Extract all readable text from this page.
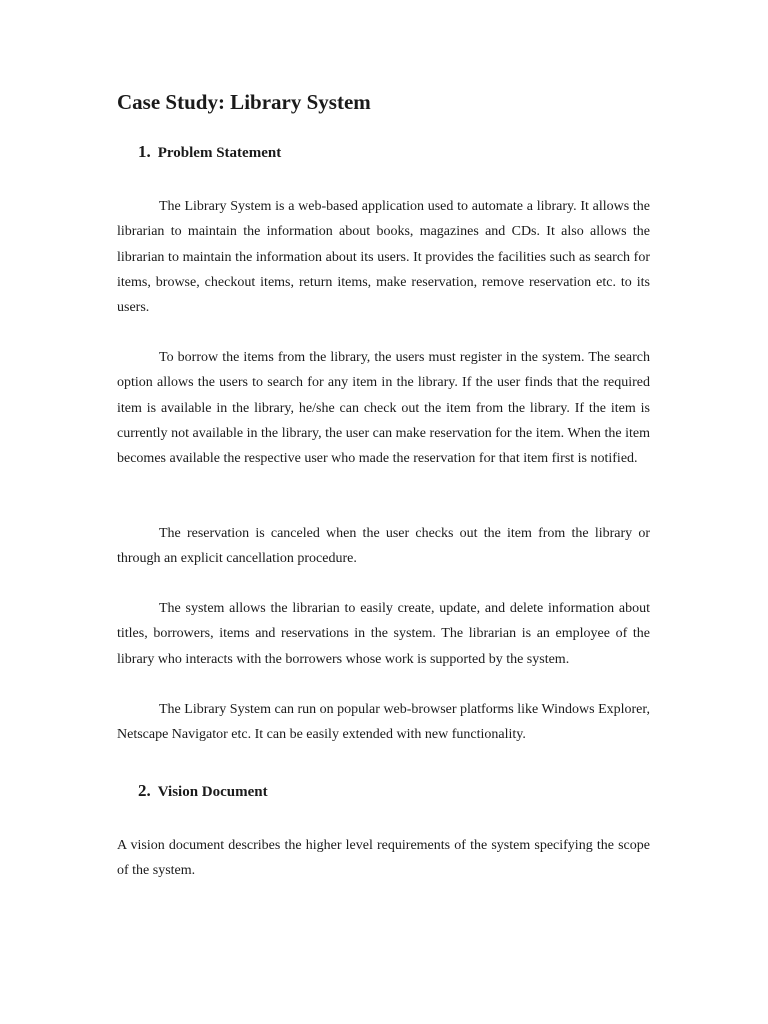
Case Study: Library System
1. Problem Statement

The Library System is a web-based application used to automate a library. It allows the librarian to maintain the information about books, magazines and CDs. It also allows the librarian to maintain the information about its users. It provides the facilities such as search for items, browse, checkout items, return items, make reservation, remove reservation etc. to its users.

To borrow the items from the library, the users must register in the system. The search option allows the users to search for any item in the library. If the user finds that the required item is available in the library, he/she can check out the item from the library. If the item is currently not available in the library, the user can make reservation for the item. When the item becomes available the respective user who made the reservation for that item first is notified.

The reservation is canceled when the user checks out the item from the library or through an explicit cancellation procedure.

The system allows the librarian to easily create, update, and delete information about titles, borrowers, items and reservations in the system. The librarian is an employee of the library who interacts with the borrowers whose work is supported by the system.

The Library System can run on popular web-browser platforms like Windows Explorer, Netscape Navigator etc. It can be easily extended with new functionality.

2. Vision Document

A vision document describes the higher level requirements of the system specifying the scope of the system.
